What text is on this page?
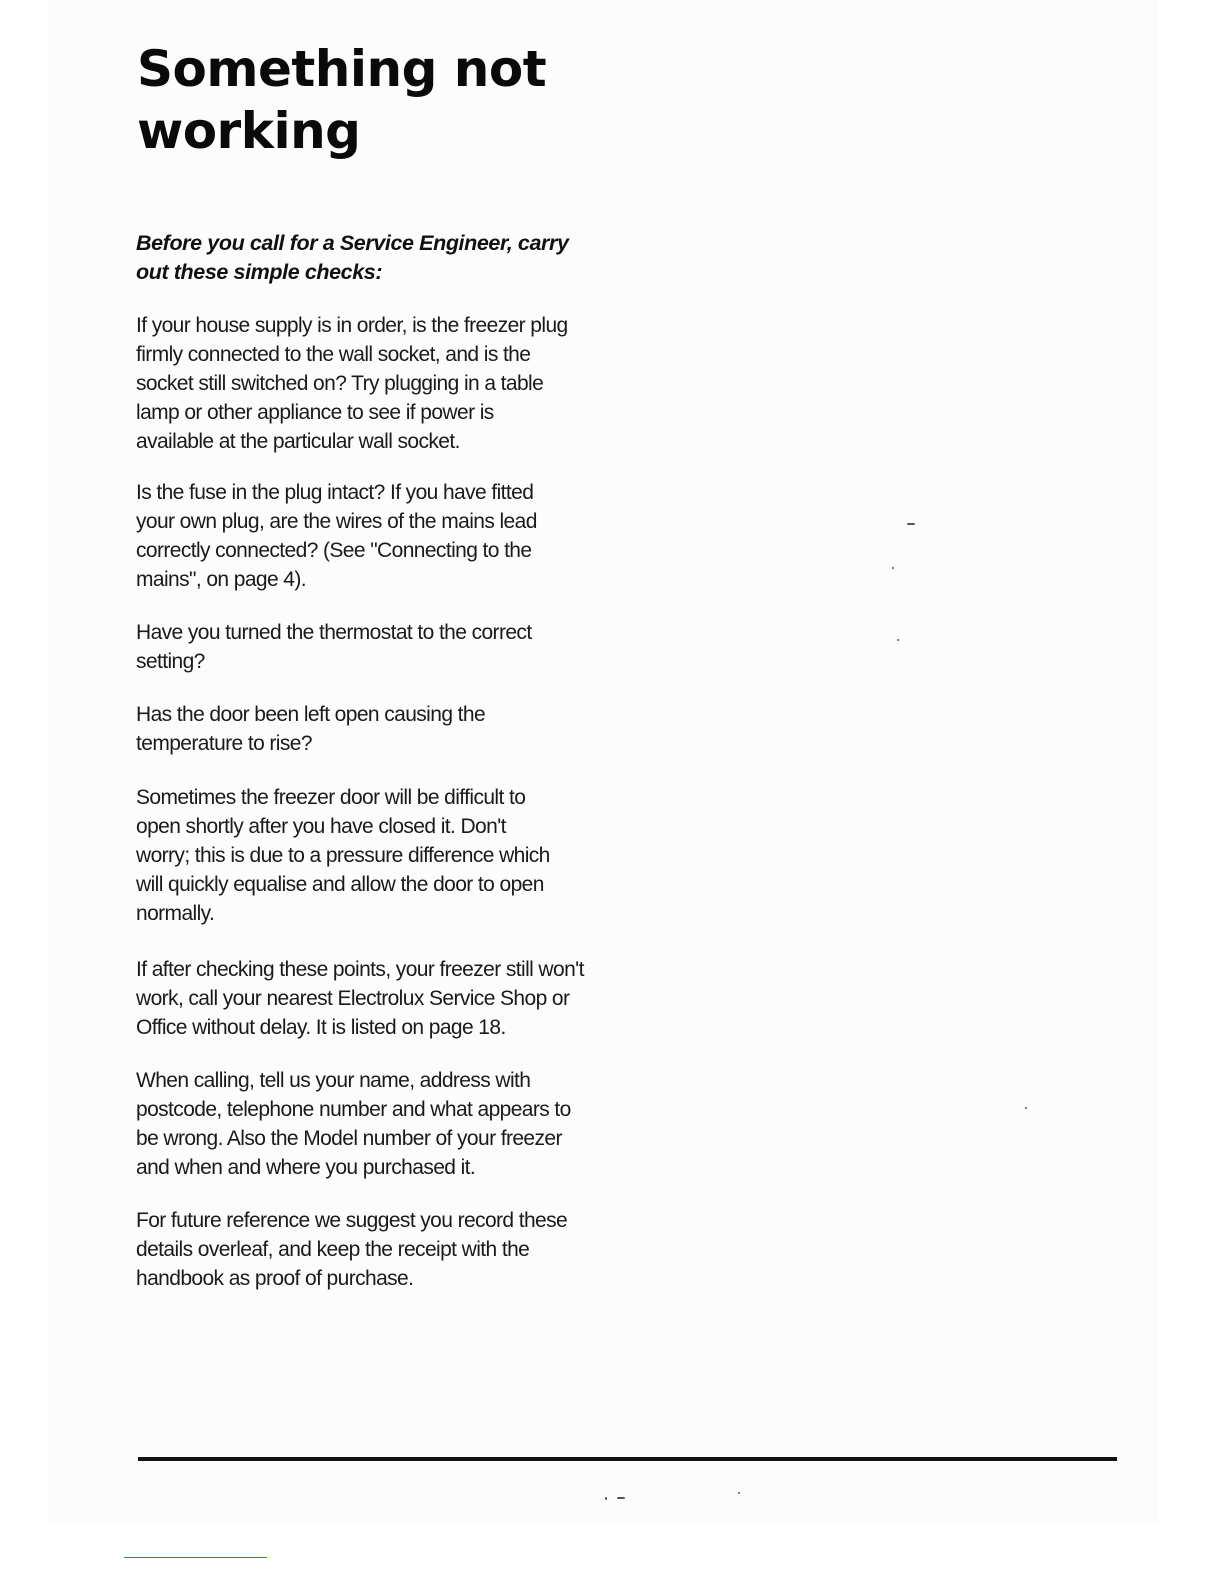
Something not
working

Before you call for a Service Engineer, carry
out these simple checks:

If your house supply is in order, is the freezer plug
firmly connected to the wall socket, and is the
socket still switched on? Try plugging in a table
lamp or other appliance to see if power is
available at the particular wall socket.

Is the fuse in the plug intact? If you have fitted
your own plug, are the wires of the mains lead
correctly connected? (See "Connecting to the
mains", on page 4).

Have you turned the thermostat to the correct
setting?

Has the door been left open causing the
temperature to rise?

Sometimes the freezer door will be difficult to
open shortly after you have closed it. Don't
worry; this is due to a pressure difference which
will quickly equalise and allow the door to open
normally.

If after checking these points, your freezer still won't
work, call your nearest Electrolux Service Shop or
Office without delay. It is listed on page 18.

When calling, tell us your name, address with
postcode, telephone number and what appears to
be wrong. Also the Model number of your freezer
and when and where you purchased it.

For future reference we suggest you record these
details overleaf, and keep the receipt with the
handbook as proof of purchase.
